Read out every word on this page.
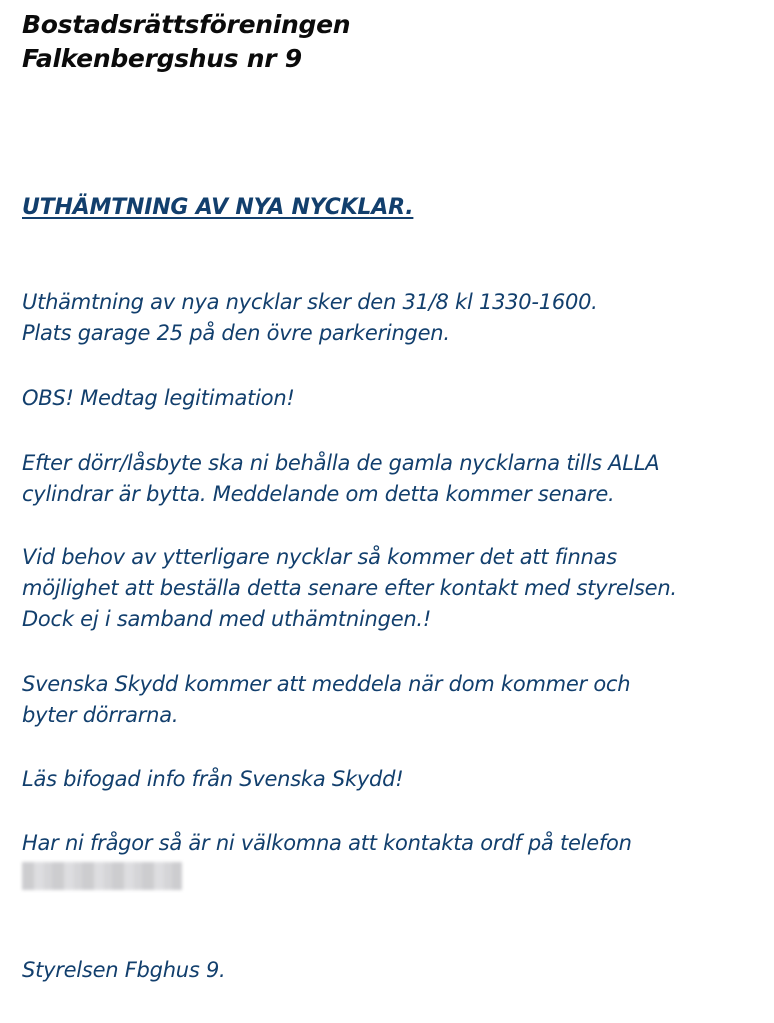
Bostadsrättsföreningen
Falkenbergshus nr 9
UTHÄMTNING AV NYA NYCKLAR.

Uthämtning av nya nycklar sker den 31/8 kl 1330-1600.
Plats garage 25 på den övre parkeringen.

OBS! Medtag legitimation!

Efter dörr/låsbyte ska ni behålla de gamla nycklarna tills ALLA
cylindrar är bytta. Meddelande om detta kommer senare.

Vid behov av ytterligare nycklar så kommer det att finnas
möjlighet att beställa detta senare efter kontakt med styrelsen.
Dock ej i samband med uthämtningen.!

Svenska Skydd kommer att meddela när dom kommer och
byter dörrarna.

Läs bifogad info från Svenska Skydd!

Har ni frågor så är ni välkomna att kontakta ordf på telefon

Styrelsen Fbghus 9.
